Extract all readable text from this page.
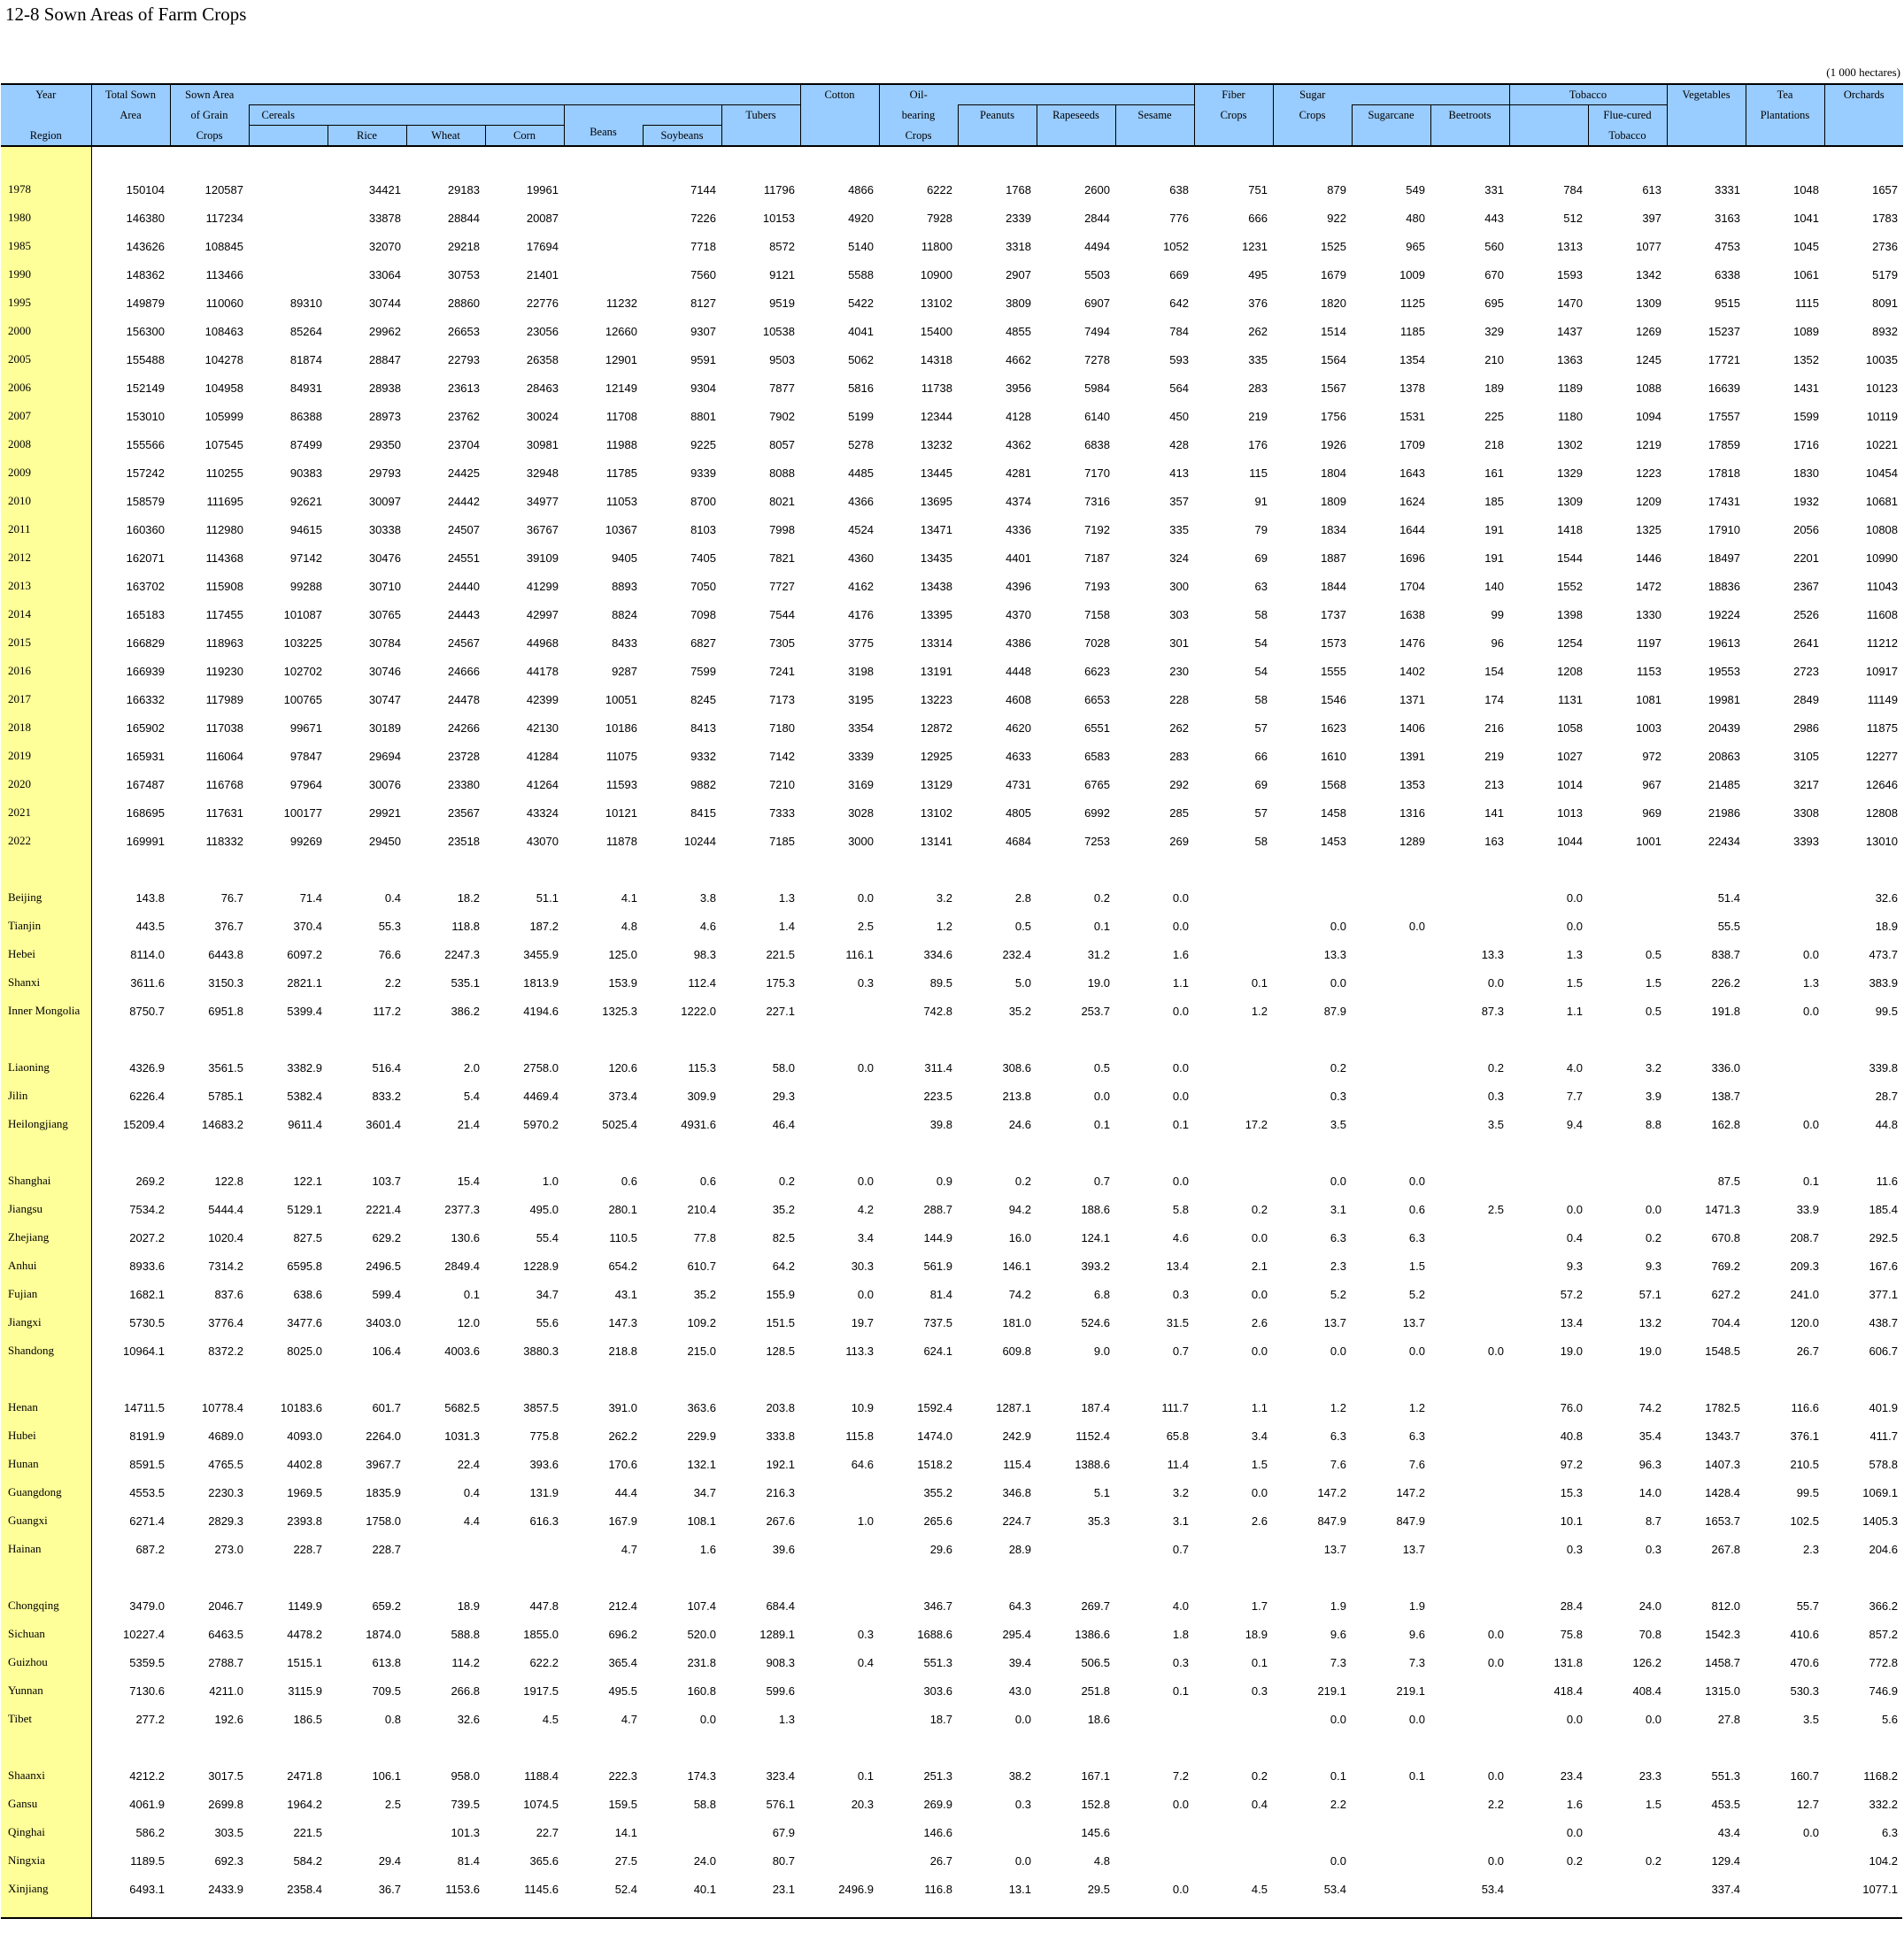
12-8 Sown Areas of Farm Crops
(1 000 hectares)
Year	Total Sown	Sown Area								Cotton	Oil-				Fiber	Sugar			Tobacco		Vegetables	Tea	Orchards
	Area	of Grain	Cereals						Tubers		bearing	Peanuts	Rapeseeds	Sesame	Crops	Crops	Sugarcane	Beetroots		Flue-cured		Plantations	
Region		Crops		Rice	Wheat	Corn	Beans	Soybeans			Crops									Tobacco			

1978	150104	120587		34421	29183	19961		7144	11796	4866	6222	1768	2600	638	751	879	549	331	784	613	3331	1048	1657
1980	146380	117234		33878	28844	20087		7226	10153	4920	7928	2339	2844	776	666	922	480	443	512	397	3163	1041	1783
1985	143626	108845		32070	29218	17694		7718	8572	5140	11800	3318	4494	1052	1231	1525	965	560	1313	1077	4753	1045	2736
1990	148362	113466		33064	30753	21401		7560	9121	5588	10900	2907	5503	669	495	1679	1009	670	1593	1342	6338	1061	5179
1995	149879	110060	89310	30744	28860	22776	11232	8127	9519	5422	13102	3809	6907	642	376	1820	1125	695	1470	1309	9515	1115	8091
2000	156300	108463	85264	29962	26653	23056	12660	9307	10538	4041	15400	4855	7494	784	262	1514	1185	329	1437	1269	15237	1089	8932
2005	155488	104278	81874	28847	22793	26358	12901	9591	9503	5062	14318	4662	7278	593	335	1564	1354	210	1363	1245	17721	1352	10035
2006	152149	104958	84931	28938	23613	28463	12149	9304	7877	5816	11738	3956	5984	564	283	1567	1378	189	1189	1088	16639	1431	10123
2007	153010	105999	86388	28973	23762	30024	11708	8801	7902	5199	12344	4128	6140	450	219	1756	1531	225	1180	1094	17557	1599	10119
2008	155566	107545	87499	29350	23704	30981	11988	9225	8057	5278	13232	4362	6838	428	176	1926	1709	218	1302	1219	17859	1716	10221
2009	157242	110255	90383	29793	24425	32948	11785	9339	8088	4485	13445	4281	7170	413	115	1804	1643	161	1329	1223	17818	1830	10454
2010	158579	111695	92621	30097	24442	34977	11053	8700	8021	4366	13695	4374	7316	357	91	1809	1624	185	1309	1209	17431	1932	10681
2011	160360	112980	94615	30338	24507	36767	10367	8103	7998	4524	13471	4336	7192	335	79	1834	1644	191	1418	1325	17910	2056	10808
2012	162071	114368	97142	30476	24551	39109	9405	7405	7821	4360	13435	4401	7187	324	69	1887	1696	191	1544	1446	18497	2201	10990
2013	163702	115908	99288	30710	24440	41299	8893	7050	7727	4162	13438	4396	7193	300	63	1844	1704	140	1552	1472	18836	2367	11043
2014	165183	117455	101087	30765	24443	42997	8824	7098	7544	4176	13395	4370	7158	303	58	1737	1638	99	1398	1330	19224	2526	11608
2015	166829	118963	103225	30784	24567	44968	8433	6827	7305	3775	13314	4386	7028	301	54	1573	1476	96	1254	1197	19613	2641	11212
2016	166939	119230	102702	30746	24666	44178	9287	7599	7241	3198	13191	4448	6623	230	54	1555	1402	154	1208	1153	19553	2723	10917
2017	166332	117989	100765	30747	24478	42399	10051	8245	7173	3195	13223	4608	6653	228	58	1546	1371	174	1131	1081	19981	2849	11149
2018	165902	117038	99671	30189	24266	42130	10186	8413	7180	3354	12872	4620	6551	262	57	1623	1406	216	1058	1003	20439	2986	11875
2019	165931	116064	97847	29694	23728	41284	11075	9332	7142	3339	12925	4633	6583	283	66	1610	1391	219	1027	972	20863	3105	12277
2020	167487	116768	97964	30076	23380	41264	11593	9882	7210	3169	13129	4731	6765	292	69	1568	1353	213	1014	967	21485	3217	12646
2021	168695	117631	100177	29921	23567	43324	10121	8415	7333	3028	13102	4805	6992	285	57	1458	1316	141	1013	969	21986	3308	12808
2022	169991	118332	99269	29450	23518	43070	11878	10244	7185	3000	13141	4684	7253	269	58	1453	1289	163	1044	1001	22434	3393	13010

Beijing	143.8	76.7	71.4	0.4	18.2	51.1	4.1	3.8	1.3	0.0	3.2	2.8	0.2	0.0					0.0		51.4		32.6
Tianjin	443.5	376.7	370.4	55.3	118.8	187.2	4.8	4.6	1.4	2.5	1.2	0.5	0.1	0.0		0.0	0.0		0.0		55.5		18.9
Hebei	8114.0	6443.8	6097.2	76.6	2247.3	3455.9	125.0	98.3	221.5	116.1	334.6	232.4	31.2	1.6		13.3		13.3	1.3	0.5	838.7	0.0	473.7
Shanxi	3611.6	3150.3	2821.1	2.2	535.1	1813.9	153.9	112.4	175.3	0.3	89.5	5.0	19.0	1.1	0.1	0.0		0.0	1.5	1.5	226.2	1.3	383.9
Inner Mongolia	8750.7	6951.8	5399.4	117.2	386.2	4194.6	1325.3	1222.0	227.1		742.8	35.2	253.7	0.0	1.2	87.9		87.3	1.1	0.5	191.8	0.0	99.5

Liaoning	4326.9	3561.5	3382.9	516.4	2.0	2758.0	120.6	115.3	58.0	0.0	311.4	308.6	0.5	0.0		0.2		0.2	4.0	3.2	336.0		339.8
Jilin	6226.4	5785.1	5382.4	833.2	5.4	4469.4	373.4	309.9	29.3		223.5	213.8	0.0	0.0		0.3		0.3	7.7	3.9	138.7		28.7
Heilongjiang	15209.4	14683.2	9611.4	3601.4	21.4	5970.2	5025.4	4931.6	46.4		39.8	24.6	0.1	0.1	17.2	3.5		3.5	9.4	8.8	162.8	0.0	44.8

Shanghai	269.2	122.8	122.1	103.7	15.4	1.0	0.6	0.6	0.2	0.0	0.9	0.2	0.7	0.0		0.0	0.0				87.5	0.1	11.6
Jiangsu	7534.2	5444.4	5129.1	2221.4	2377.3	495.0	280.1	210.4	35.2	4.2	288.7	94.2	188.6	5.8	0.2	3.1	0.6	2.5	0.0	0.0	1471.3	33.9	185.4
Zhejiang	2027.2	1020.4	827.5	629.2	130.6	55.4	110.5	77.8	82.5	3.4	144.9	16.0	124.1	4.6	0.0	6.3	6.3		0.4	0.2	670.8	208.7	292.5
Anhui	8933.6	7314.2	6595.8	2496.5	2849.4	1228.9	654.2	610.7	64.2	30.3	561.9	146.1	393.2	13.4	2.1	2.3	1.5		9.3	9.3	769.2	209.3	167.6
Fujian	1682.1	837.6	638.6	599.4	0.1	34.7	43.1	35.2	155.9	0.0	81.4	74.2	6.8	0.3	0.0	5.2	5.2		57.2	57.1	627.2	241.0	377.1
Jiangxi	5730.5	3776.4	3477.6	3403.0	12.0	55.6	147.3	109.2	151.5	19.7	737.5	181.0	524.6	31.5	2.6	13.7	13.7		13.4	13.2	704.4	120.0	438.7
Shandong	10964.1	8372.2	8025.0	106.4	4003.6	3880.3	218.8	215.0	128.5	113.3	624.1	609.8	9.0	0.7	0.0	0.0	0.0	0.0	19.0	19.0	1548.5	26.7	606.7

Henan	14711.5	10778.4	10183.6	601.7	5682.5	3857.5	391.0	363.6	203.8	10.9	1592.4	1287.1	187.4	111.7	1.1	1.2	1.2		76.0	74.2	1782.5	116.6	401.9
Hubei	8191.9	4689.0	4093.0	2264.0	1031.3	775.8	262.2	229.9	333.8	115.8	1474.0	242.9	1152.4	65.8	3.4	6.3	6.3		40.8	35.4	1343.7	376.1	411.7
Hunan	8591.5	4765.5	4402.8	3967.7	22.4	393.6	170.6	132.1	192.1	64.6	1518.2	115.4	1388.6	11.4	1.5	7.6	7.6		97.2	96.3	1407.3	210.5	578.8
Guangdong	4553.5	2230.3	1969.5	1835.9	0.4	131.9	44.4	34.7	216.3		355.2	346.8	5.1	3.2	0.0	147.2	147.2		15.3	14.0	1428.4	99.5	1069.1
Guangxi	6271.4	2829.3	2393.8	1758.0	4.4	616.3	167.9	108.1	267.6	1.0	265.6	224.7	35.3	3.1	2.6	847.9	847.9		10.1	8.7	1653.7	102.5	1405.3
Hainan	687.2	273.0	228.7	228.7			4.7	1.6	39.6		29.6	28.9		0.7		13.7	13.7		0.3	0.3	267.8	2.3	204.6

Chongqing	3479.0	2046.7	1149.9	659.2	18.9	447.8	212.4	107.4	684.4		346.7	64.3	269.7	4.0	1.7	1.9	1.9		28.4	24.0	812.0	55.7	366.2
Sichuan	10227.4	6463.5	4478.2	1874.0	588.8	1855.0	696.2	520.0	1289.1	0.3	1688.6	295.4	1386.6	1.8	18.9	9.6	9.6	0.0	75.8	70.8	1542.3	410.6	857.2
Guizhou	5359.5	2788.7	1515.1	613.8	114.2	622.2	365.4	231.8	908.3	0.4	551.3	39.4	506.5	0.3	0.1	7.3	7.3	0.0	131.8	126.2	1458.7	470.6	772.8
Yunnan	7130.6	4211.0	3115.9	709.5	266.8	1917.5	495.5	160.8	599.6		303.6	43.0	251.8	0.1	0.3	219.1	219.1		418.4	408.4	1315.0	530.3	746.9
Tibet	277.2	192.6	186.5	0.8	32.6	4.5	4.7	0.0	1.3		18.7	0.0	18.6			0.0	0.0		0.0	0.0	27.8	3.5	5.6

Shaanxi	4212.2	3017.5	2471.8	106.1	958.0	1188.4	222.3	174.3	323.4	0.1	251.3	38.2	167.1	7.2	0.2	0.1	0.1	0.0	23.4	23.3	551.3	160.7	1168.2
Gansu	4061.9	2699.8	1964.2	2.5	739.5	1074.5	159.5	58.8	576.1	20.3	269.9	0.3	152.8	0.0	0.4	2.2		2.2	1.6	1.5	453.5	12.7	332.2
Qinghai	586.2	303.5	221.5		101.3	22.7	14.1		67.9		146.6		145.6						0.0		43.4	0.0	6.3
Ningxia	1189.5	692.3	584.2	29.4	81.4	365.6	27.5	24.0	80.7		26.7	0.0	4.8			0.0		0.0	0.2	0.2	129.4		104.2
Xinjiang	6493.1	2433.9	2358.4	36.7	1153.6	1145.6	52.4	40.1	23.1	2496.9	116.8	13.1	29.5	0.0	4.5	53.4		53.4			337.4		1077.1
